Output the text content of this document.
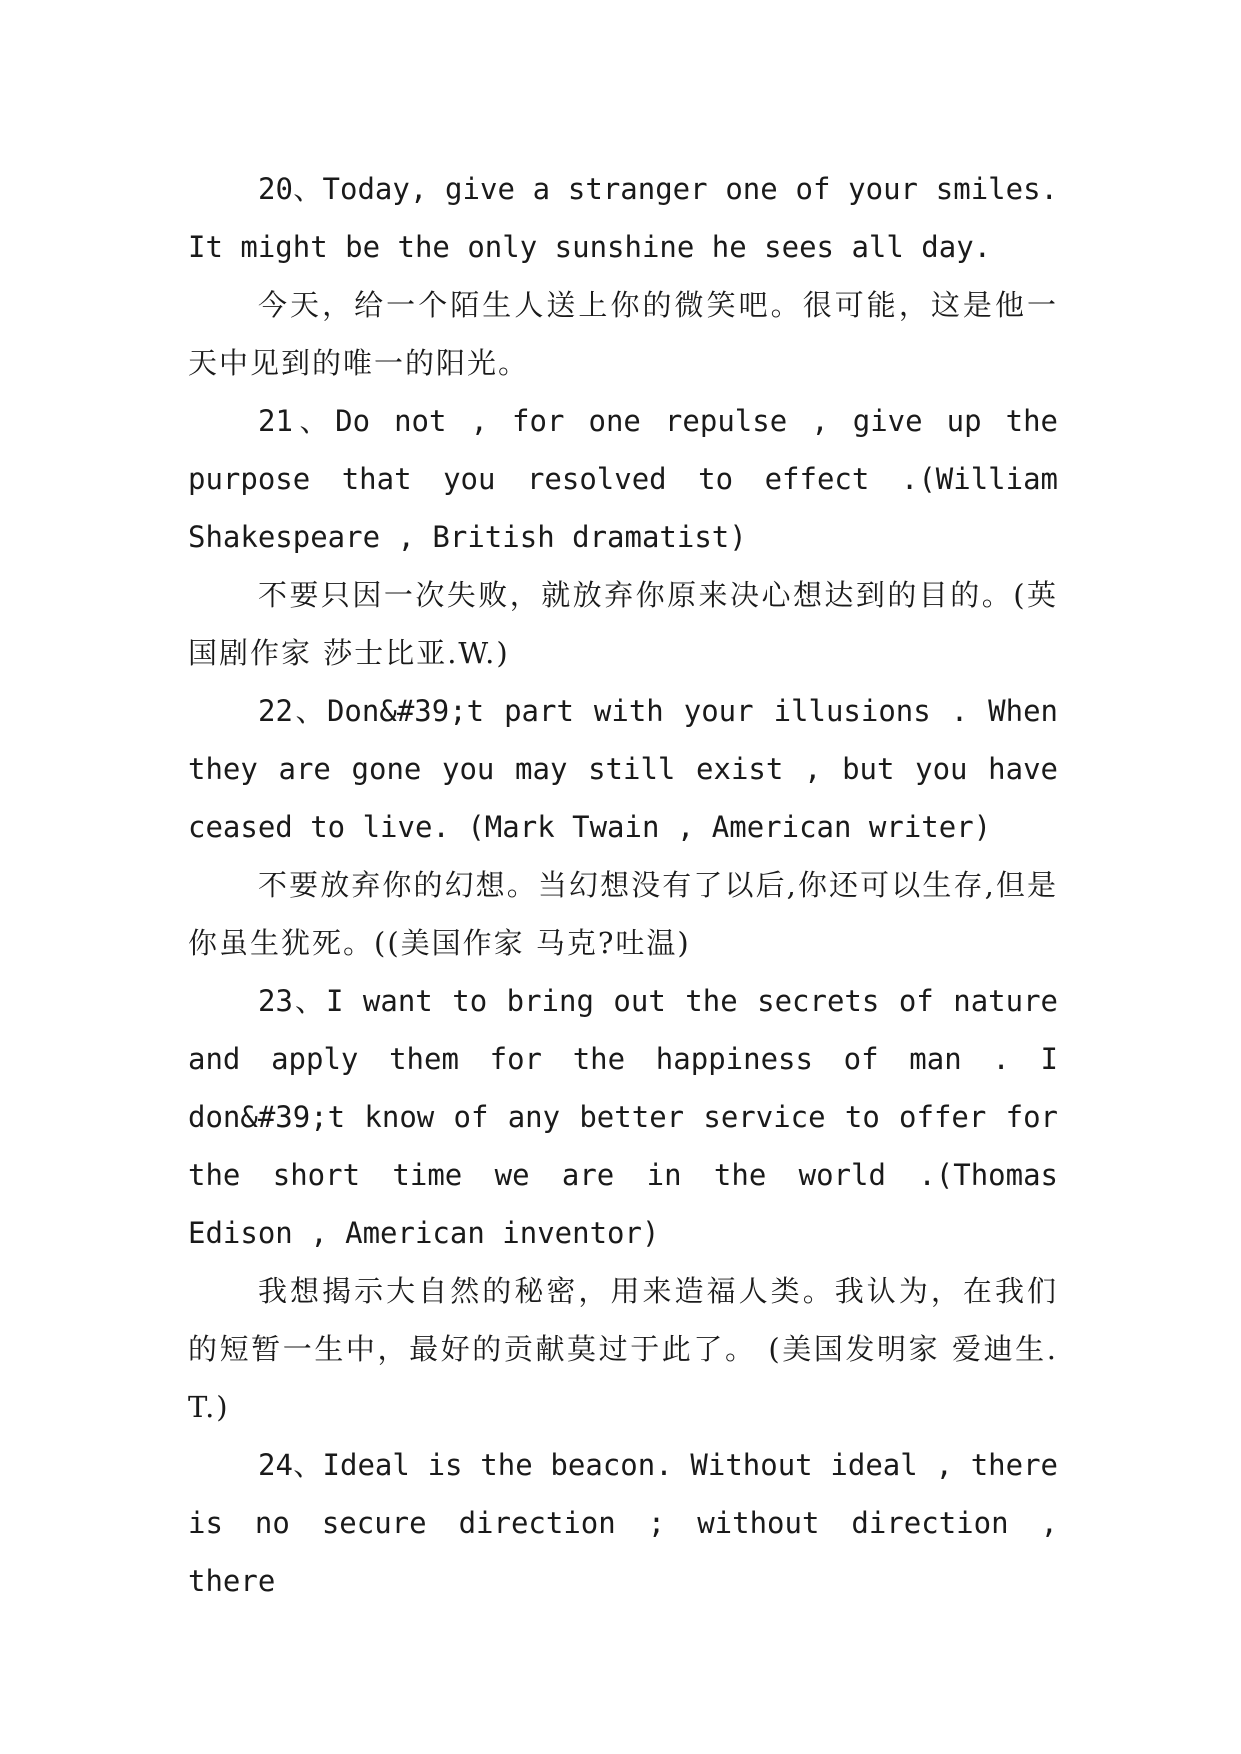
20、Today, give a stranger one of your smiles. It might be the only sunshine he sees all day.

今天，给一个陌生人送上你的微笑吧。很可能，这是他一天中见到的唯一的阳光。

21、Do not , for one repulse , give up the purpose that you resolved to effect .(William Shakespeare , British dramatist)

不要只因一次失败，就放弃你原来决心想达到的目的。(英国剧作家 莎士比亚.W.)

22、Don&#39;t part with your illusions . When they are gone you may still exist , but you have ceased to live. (Mark Twain , American writer)

不要放弃你的幻想。当幻想没有了以后,你还可以生存,但是你虽生犹死。((美国作家 马克?吐温)

23、I want to bring out the secrets of nature and apply them for the happiness of man . I don&#39;t know of any better service to offer for the short time we are in the world .(Thomas Edison , American inventor)

我想揭示大自然的秘密，用来造福人类。我认为，在我们的短暂一生中，最好的贡献莫过于此了。 (美国发明家 爱迪生. T.)

24、Ideal is the beacon. Without ideal , there is no secure direction ; without direction , there
